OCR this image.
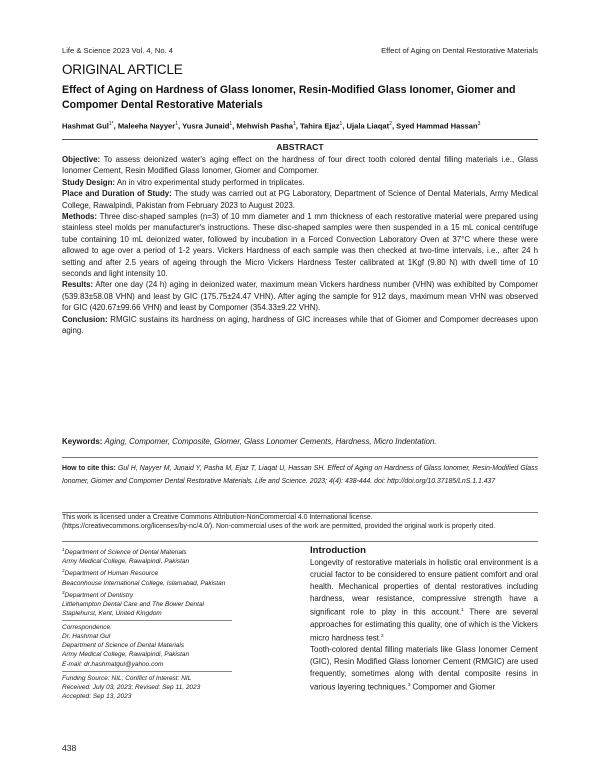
Life & Science 2023 Vol. 4, No. 4	Effect of Aging on Dental Restorative Materials
ORIGINAL ARTICLE
Effect of Aging on Hardness of Glass Ionomer, Resin-Modified Glass Ionomer, Giomer and Compomer Dental Restorative Materials
Hashmat Gul$^{1*}$, Maleeha Nayyer$^1$, Yusra Junaid$^1$, Mehwish Pasha$^1$, Tahira Ejaz$^1$, Ujala Liaqat$^2$, Syed Hammad Hassan$^3$
ABSTRACT

Objective: To assess deionized water's aging effect on the hardness of four direct tooth colored dental filling materials i.e., Glass Ionomer Cement, Resin Modified Glass Ionomer, Giomer and Compomer.

Study Design: An in vitro experimental study performed in triplicates.

Place and Duration of Study: The study was carried out at PG Laboratory, Department of Science of Dental Materials, Army Medical College, Rawalpindi, Pakistan from February 2023 to August 2023.

Methods: Three disc-shaped samples (n=3) of 10 mm diameter and 1 mm thickness of each restorative material were prepared using stainless steel molds per manufacturer's instructions. These disc-shaped samples were then suspended in a 15 mL conical centrifuge tube containing 10 mL deionized water, followed by incubation in a Forced Convection Laboratory Oven at 37°C where these were allowed to age over a period of 1-2 years. Vickers Hardness of each sample was then checked at two-time intervals, i.e., after 24 h setting and after 2.5 years of ageing through the Micro Vickers Hardness Tester calibrated at 1Kgf (9.80 N) with dwell time of 10 seconds and light intensity 10.

Results: After one day (24 h) aging in deionized water, maximum mean Vickers hardness number (VHN) was exhibited by Compomer (539.83±58.08 VHN) and least by GIC (175.75±24.47 VHN). After aging the sample for 912 days, maximum mean VHN was observed for GIC (420.67±99.66 VHN) and least by Compomer (354.33±9.22 VHN).

Conclusion: RMGIC sustains its hardness on aging, hardness of GIC increases while that of Giomer and Compomer decreases upon aging.

Keywords: Aging, Compomer, Composite, Giomer, Glass Lonomer Cements, Hardness, Micro Indentation.
How to cite this: Gul H, Nayyer M, Junaid Y, Pasha M, Ejaz T, Liaqat U, Hassan SH. Effect of Aging on Hardness of Glass Ionomer, Resin-Modified Glass Ionomer, Giomer and Compomer Dental Restorative Materials. Life and Science. 2023; 4(4): 438-444. doi: http://doi.org/10.37185/LnS.1.1.437
This work is licensed under a Creative Commons Attribution-NonCommercial 4.0 International license.
(https://creativecommons.org/licenses/by-nc/4.0/). Non-commercial uses of the work are permitted, provided the original work is properly cited.

$^1$Department of Science of Dental Materials

Army Medical College, Rawalpindi, Pakistan

$^2$Department of Human Resource

Beaconhouse International College, Islamabad, Pakistan

$^3$Department of Dentistry

Littlehampton Dental Care and The Bower Dental

Staplehurst, Kent, United Kingdom

Correspondence:

Dr. Hashmat Gul

Department of Science of Dental Materials

Army Medical College, Rawalpindi, Pakistan

E-mail: dr.hashmatgul@yahoo.com

Funding Source: NIL; Conflict of Interest: NIL

Received: July 03, 2023; Revised: Sep 11, 2023

Accepted: Sep 13, 2023

Introduction

Longevity of restorative materials in holistic oral environment is a crucial factor to be considered to ensure patient comfort and oral health. Mechanical properties of dental restoratives including hardness, wear resistance, compressive strength have a significant role to play in this account.$^1$ There are several approaches for estimating this quality, one of which is the Vickers micro hardness test.$^2$

Tooth-colored dental filling materials like Glass Ionomer Cement (GIC), Resin Modified Glass Ionomer Cement (RMGIC) are used frequently, sometimes along with dental composite resins in various layering techniques.$^3$ Compomer and Giomer

438
